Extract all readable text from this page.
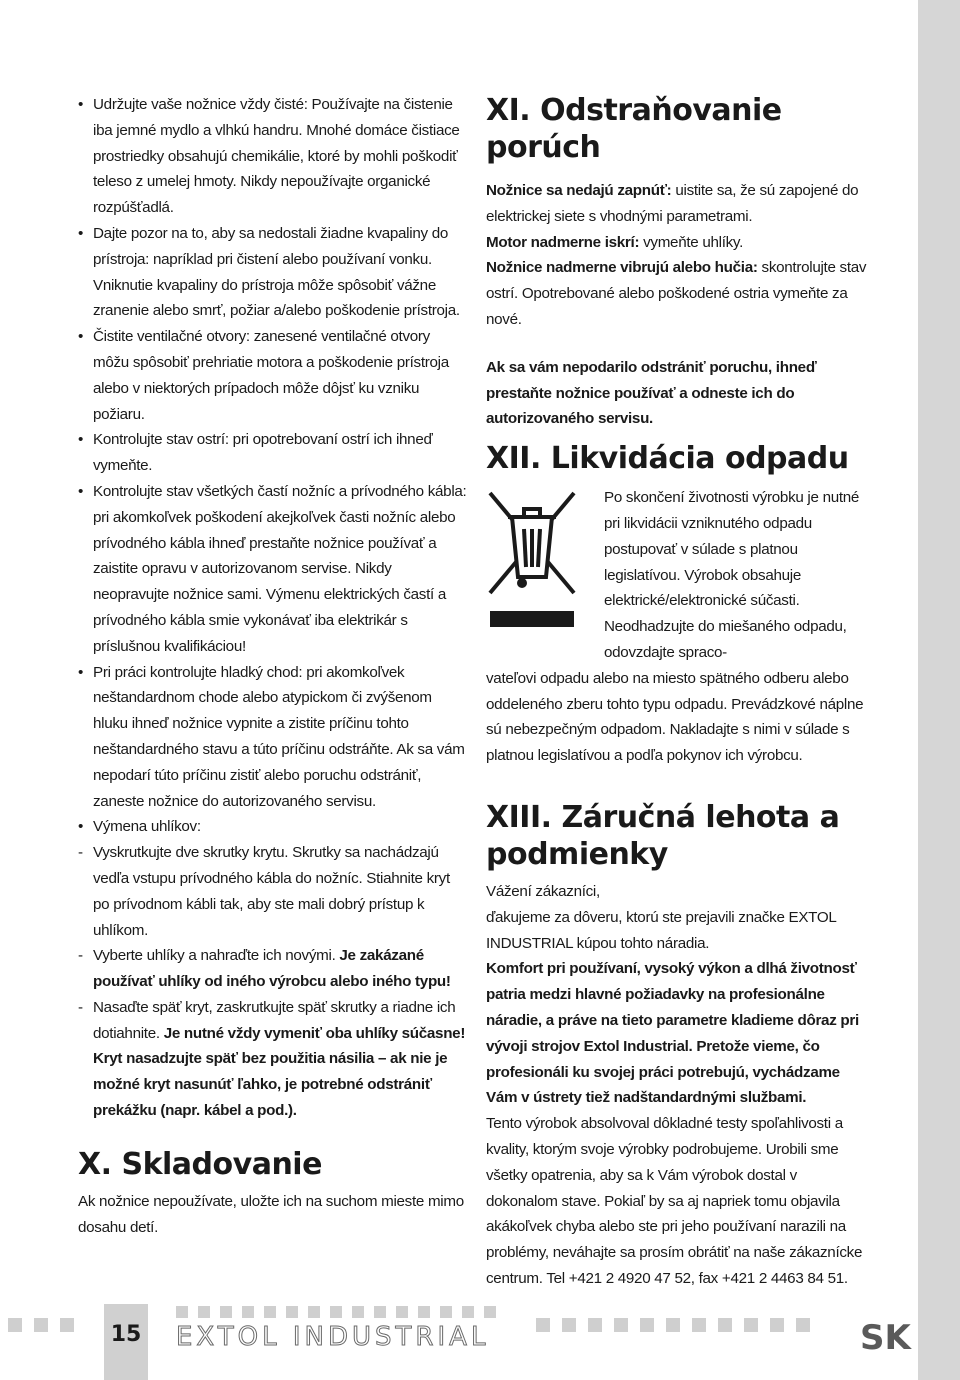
• Udržujte vaše nožnice vždy čisté: Používajte na čistenie iba jemné mydlo a vlhkú handru. Mnohé domáce čistiace prostriedky obsahujú chemikálie, ktoré by mohli poškodiť teleso z umelej hmoty. Nikdy nepoužívajte organické rozpúšťadlá.
• Dajte pozor na to, aby sa nedostali žiadne kvapaliny do prístroja: napríklad pri čistení alebo používaní vonku. Vniknutie kvapaliny do prístroja môže spôsobiť vážne zranenie alebo smrť, požiar a/alebo poškodenie prístroja.
• Čistite ventilačné otvory: zanesené ventilačné otvory môžu spôsobiť prehriatie motora a poškodenie prístroja alebo v niektorých prípadoch môže dôjsť ku vzniku požiaru.
• Kontrolujte stav ostrí: pri opotrebovaní ostrí ich ihneď vymeňte.
• Kontrolujte stav všetkých častí nožníc a prívodného kábla: pri akomkoľvek poškodení akejkoľvek časti nožníc alebo prívodného kábla ihneď prestaňte nožnice používať a zaistite opravu v autorizovanom servise. Nikdy neopravujte nožnice sami. Výmenu elektrických častí a prívodného kábla smie vykonávať iba elektrikár s príslušnou kvalifikáciou!
• Pri práci kontrolujte hladký chod: pri akomkoľvek neštandardnom chode alebo atypickom či zvýšenom hluku ihneď nožnice vypnite a zistite príčinu tohto neštandardného stavu a túto príčinu odstráňte. Ak sa vám nepodarí túto príčinu zistiť alebo poruchu odstrániť, zaneste nožnice do autorizovaného servisu.
• Výmena uhlíkov:
- Vyskrutkujte dve skrutky krytu. Skrutky sa nachádzajú vedľa vstupu prívodného kábla do nožníc. Stiahnite kryt po prívodnom kábli tak, aby ste mali dobrý prístup k uhlíkom.
- Vyberte uhlíky a nahraďte ich novými. Je zakázané používať uhlíky od iného výrobcu alebo iného typu!
- Nasaďte späť kryt, zaskrutkujte späť skrutky a riadne ich dotiahnite. Je nutné vždy vymeniť oba uhlíky súčasne! Kryt nasadzujte späť bez použitia násilia – ak nie je možné kryt nasunúť ľahko, je potrebné odstrániť prekážku (napr. kábel a pod.).
X. Skladovanie

Ak nožnice nepoužívate, uložte ich na suchom mieste mimo dosahu detí.

XI. Odstraňovanie porúch

Nožnice sa nedajú zapnúť: uistite sa, že sú zapojené do elektrickej siete s vhodnými parametrami.

Motor nadmerne iskrí: vymeňte uhlíky.

Nožnice nadmerne vibrujú alebo hučia: skontrolujte stav ostrí. Opotrebované alebo poškodené ostria vymeňte za nové.

Ak sa vám nepodarilo odstrániť poruchu, ihneď prestaňte nožnice používať a odneste ich do autorizovaného servisu.

XII. Likvidácia odpadu

Po skončení životnosti výrobku je nutné pri likvidácii vzniknutého odpadu postupovať v súlade s platnou legislatívou. Výrobok obsahuje elektrické/elektronické súčasti. Neodhadzujte do miešaného odpadu, odovzdajte spraco-

vateľovi odpadu alebo na miesto spätného odberu alebo oddeleného zberu tohto typu odpadu. Prevádzkové náplne sú nebezpečným odpadom. Nakladajte s nimi v súlade s platnou legislatívou a podľa pokynov ich výrobcu.

XIII. Záručná lehota a podmienky

Vážení zákazníci,

ďakujeme za dôveru, ktorú ste prejavili značke EXTOL INDUSTRIAL kúpou tohto náradia.

Komfort pri používaní, vysoký výkon a dlhá životnosť patria medzi hlavné požiadavky na profesionálne náradie, a práve na tieto parametre kladieme dôraz pri vývoji strojov Extol Industrial. Pretože vieme, čo profesionáli ku svojej práci potrebujú, vychádzame Vám v ústrety tiež nadštandardnými službami.

Tento výrobok absolvoval dôkladné testy spoľahlivosti a kvality, ktorým svoje výrobky podrobujeme. Urobili sme všetky opatrenia, aby sa k Vám výrobok dostal v dokonalom stave. Pokiaľ by sa aj napriek tomu objavila akákoľvek chyba alebo ste pri jeho používaní narazili na problémy, neváhajte sa prosím obrátiť na naše zákaznícke centrum. Tel +421 2 4920 47 52, fax +421 2 4463 84 51.

15 EXTOL INDUSTRIAL	SK
